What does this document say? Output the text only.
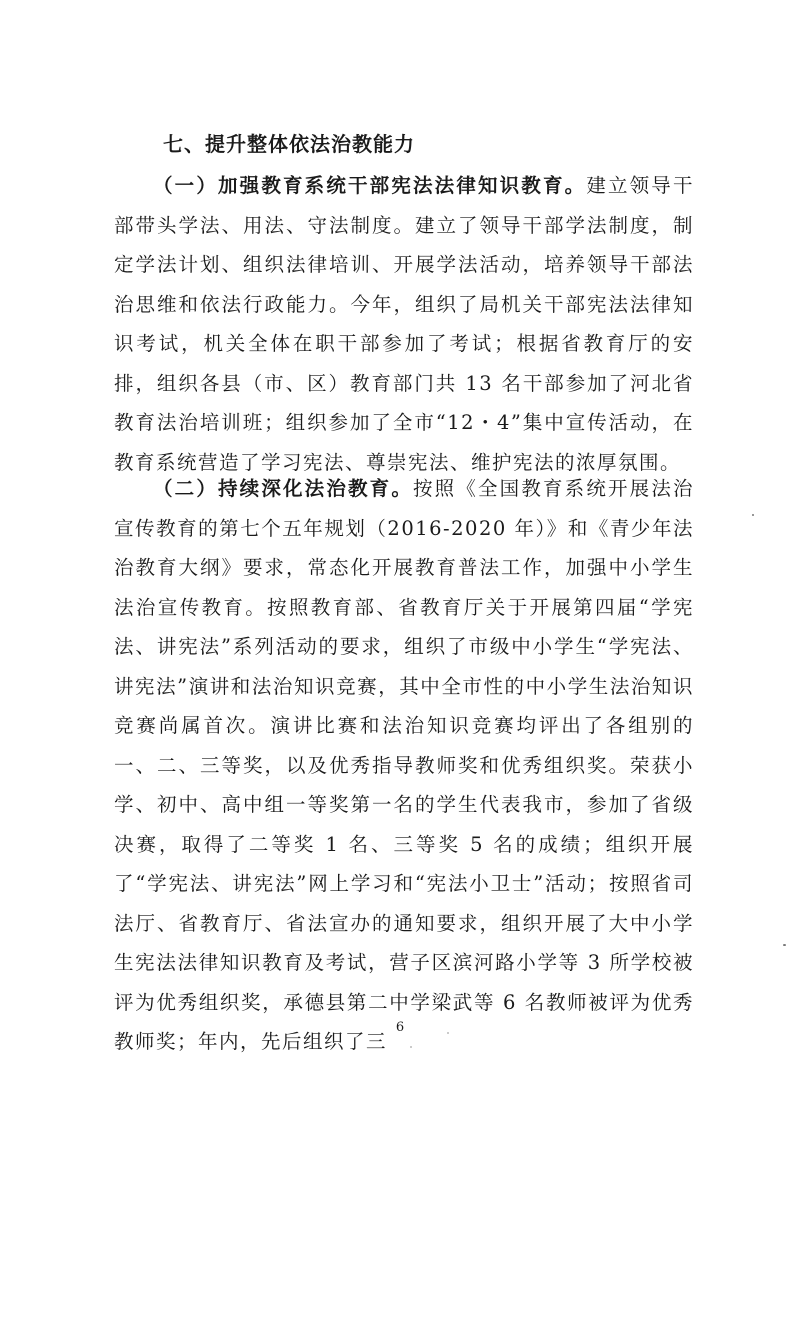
七、提升整体依法治教能力

（一）加强教育系统干部宪法法律知识教育。建立领导干部带头学法、用法、守法制度。建立了领导干部学法制度，制定学法计划、组织法律培训、开展学法活动，培养领导干部法治思维和依法行政能力。今年，组织了局机关干部宪法法律知识考试，机关全体在职干部参加了考试；根据省教育厅的安排，组织各县（市、区）教育部门共 13 名干部参加了河北省教育法治培训班；组织参加了全市“12・4”集中宣传活动，在教育系统营造了学习宪法、尊崇宪法、维护宪法的浓厚氛围。

（二）持续深化法治教育。按照《全国教育系统开展法治宣传教育的第七个五年规划（2016-2020 年）》和《青少年法治教育大纲》要求，常态化开展教育普法工作，加强中小学生法治宣传教育。按照教育部、省教育厅关于开展第四届“学宪法、讲宪法”系列活动的要求，组织了市级中小学生“学宪法、讲宪法”演讲和法治知识竞赛，其中全市性的中小学生法治知识竞赛尚属首次。演讲比赛和法治知识竞赛均评出了各组别的一、二、三等奖，以及优秀指导教师奖和优秀组织奖。荣获小学、初中、高中组一等奖第一名的学生代表我市，参加了省级决赛，取得了二等奖 1 名、三等奖 5 名的成绩；组织开展了“学宪法、讲宪法”网上学习和“宪法小卫士”活动；按照省司法厅、省教育厅、省法宣办的通知要求，组织开展了大中小学生宪法法律知识教育及考试，营子区滨河路小学等 3 所学校被评为优秀组织奖，承德县第二中学梁武等 6 名教师被评为优秀教师奖；年内，先后组织了三

6
